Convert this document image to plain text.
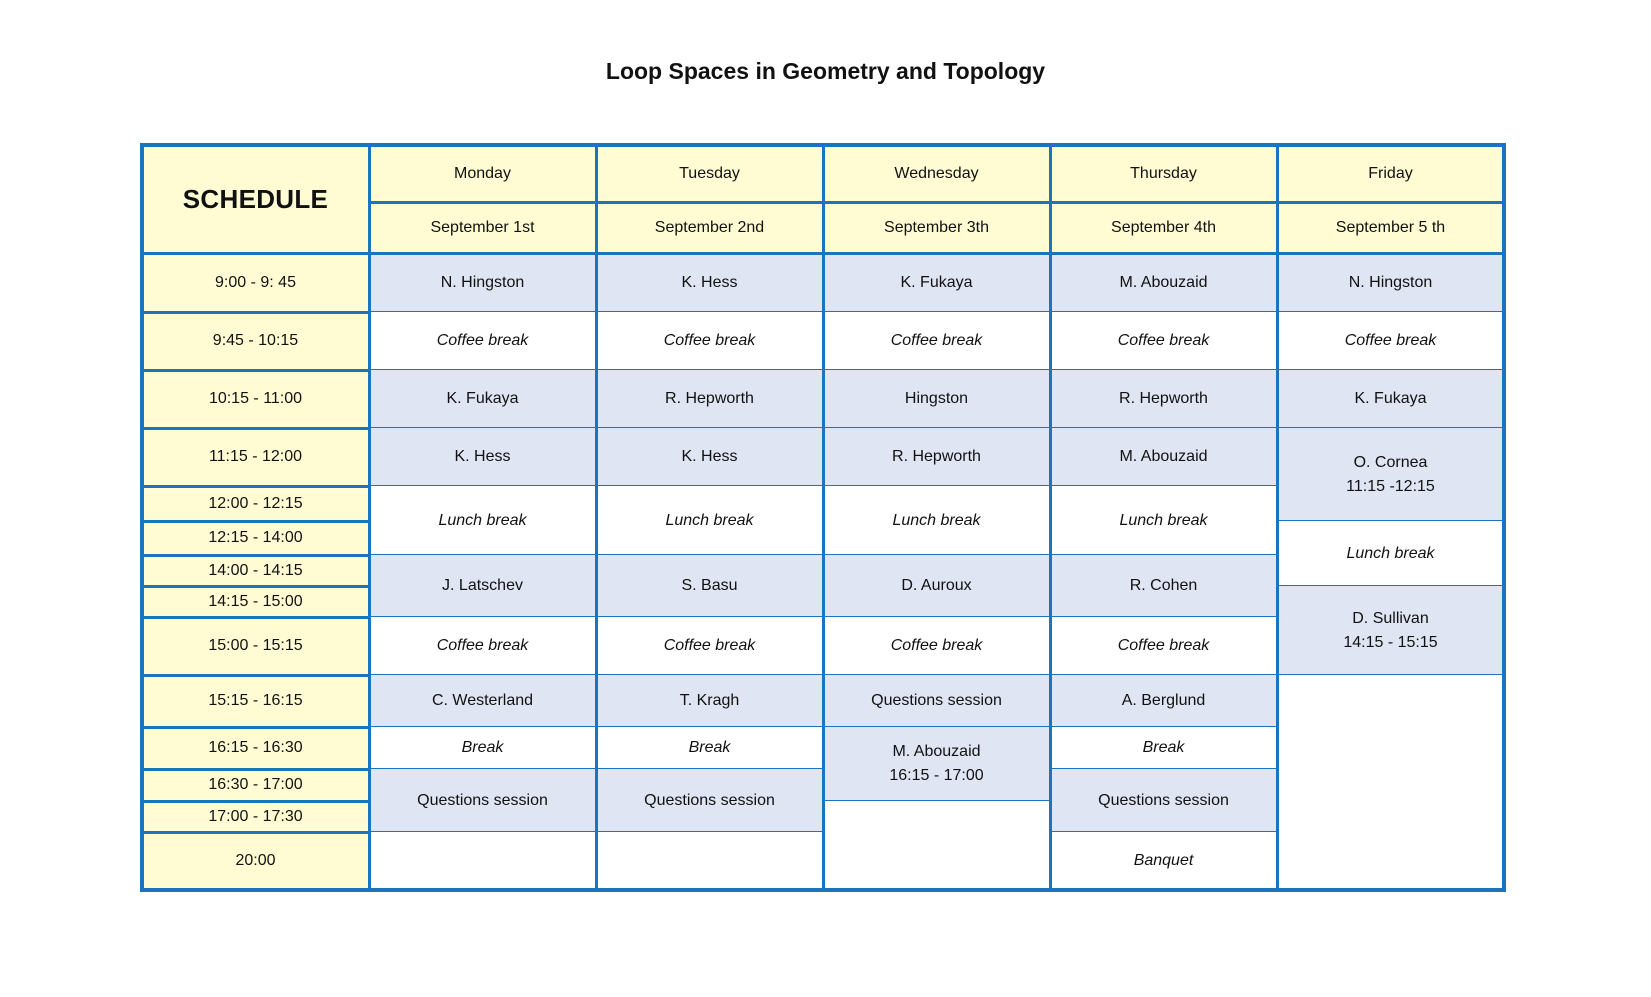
Loop Spaces in Geometry and Topology
SCHEDULE
Monday
September 1st
Tuesday
September 2nd
Wednesday
September 3th
Thursday
September 4th
Friday
September 5 th
9:00 - 9: 45
9:45 - 10:15
10:15 - 11:00
11:15 - 12:00
12:00 - 12:15
12:15 - 14:00
14:00 - 14:15
14:15 - 15:00
15:00 - 15:15
15:15 - 16:15
16:15 - 16:30
16:30 - 17:00
17:00 - 17:30
20:00
N. Hingston
Coffee break
K. Fukaya
K. Hess
Lunch break
J. Latschev
Coffee break
C. Westerland
Break
Questions session
K. Hess
Coffee break
R. Hepworth
K. Hess
Lunch break
S. Basu
Coffee break
T. Kragh
Break
Questions session
K. Fukaya
Coffee break
Hingston
R. Hepworth
Lunch break
D. Auroux
Coffee break
Questions session
M. Abouzaid
16:15 - 17:00
M. Abouzaid
Coffee break
R. Hepworth
M. Abouzaid
Lunch break
R. Cohen
Coffee break
A. Berglund
Break
Questions session
Banquet
N. Hingston
Coffee break
K. Fukaya
O. Cornea
11:15 -12:15
Lunch break
D. Sullivan
14:15 - 15:15
